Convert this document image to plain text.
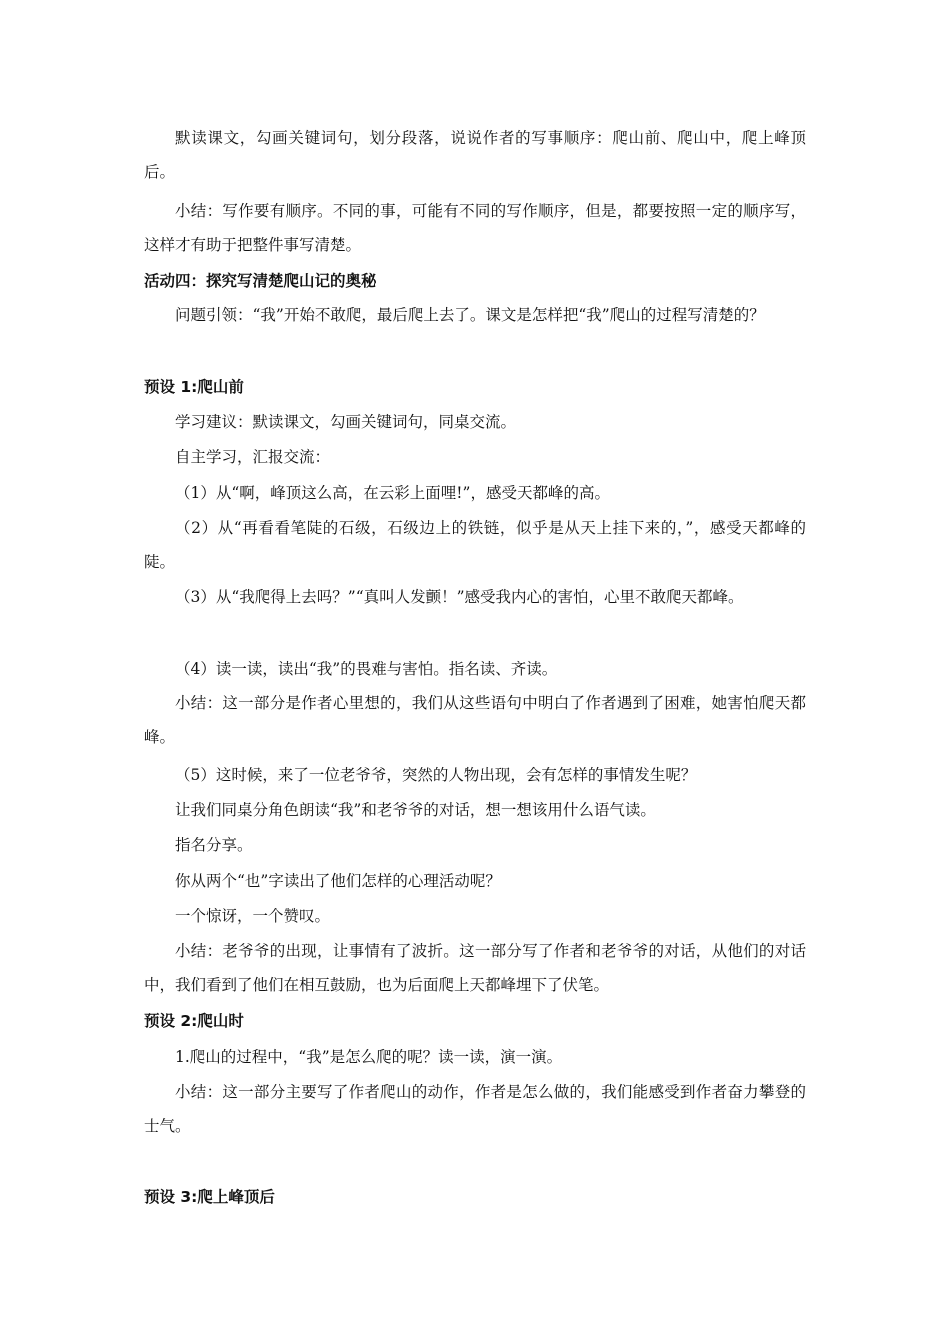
默读课文，勾画关键词句，划分段落，说说作者的写事顺序：爬山前、爬山中，爬上峰顶后。

小结：写作要有顺序。不同的事，可能有不同的写作顺序，但是，都要按照一定的顺序写，这样才有助于把整件事写清楚。

活动四：探究写清楚爬山记的奥秘

问题引领：“我”开始不敢爬，最后爬上去了。课文是怎样把“我”爬山的过程写清楚的？

预设 1:爬山前

学习建议：默读课文，勾画关键词句，同桌交流。

自主学习，汇报交流：

（1）从“啊，峰顶这么高，在云彩上面哩!”，感受天都峰的高。

（2）从“再看看笔陡的石级，石级边上的铁链，似乎是从天上挂下来的，”，感受天都峰的陡。

（3）从“我爬得上去吗？”“真叫人发颤！”感受我内心的害怕，心里不敢爬天都峰。

（4）读一读，读出“我”的畏难与害怕。指名读、齐读。

小结：这一部分是作者心里想的，我们从这些语句中明白了作者遇到了困难，她害怕爬天都峰。

（5）这时候，来了一位老爷爷，突然的人物出现，会有怎样的事情发生呢？

让我们同桌分角色朗读“我”和老爷爷的对话，想一想该用什么语气读。

指名分享。

你从两个“也”字读出了他们怎样的心理活动呢？

一个惊讶，一个赞叹。

小结：老爷爷的出现，让事情有了波折。这一部分写了作者和老爷爷的对话，从他们的对话中，我们看到了他们在相互鼓励，也为后面爬上天都峰埋下了伏笔。

预设 2:爬山时

1.爬山的过程中，“我”是怎么爬的呢？读一读，演一演。

小结：这一部分主要写了作者爬山的动作，作者是怎么做的，我们能感受到作者奋力攀登的士气。

预设 3:爬上峰顶后
